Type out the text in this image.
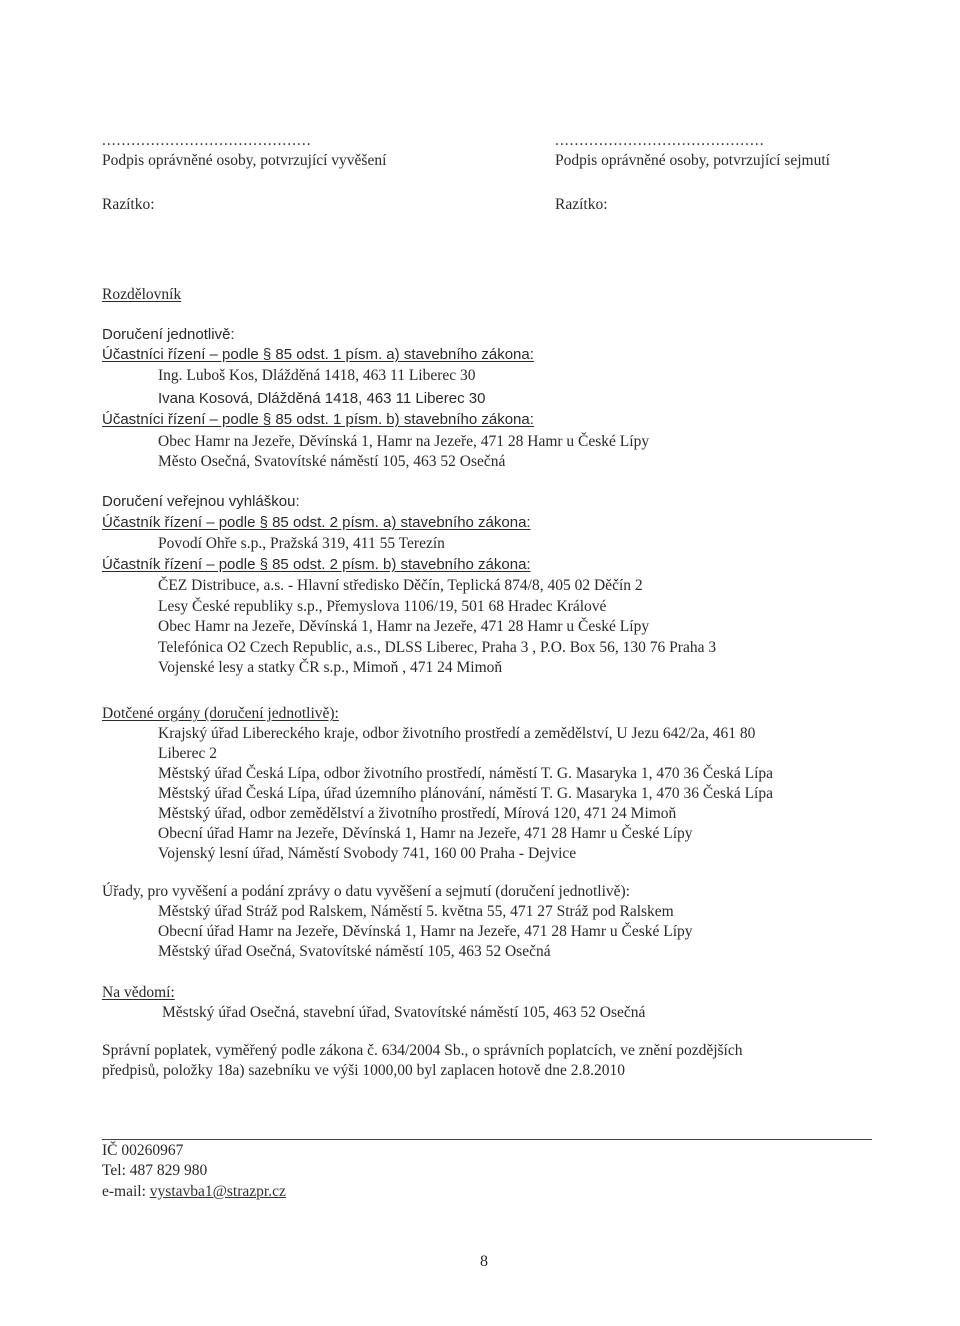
...........................................
Podpis oprávněné osoby, potvrzující vyvěšení
Razítko:
...........................................
Podpis oprávněné osoby, potvrzující sejmutí
Razítko:
Rozdělovník
Doručení jednotlivě:
Účastníci řízení – podle § 85 odst. 1 písm. a) stavebního zákona:
Ing. Luboš Kos, Dlážděná 1418, 463 11 Liberec 30
Ivana Kosová, Dlážděná 1418, 463 11 Liberec 30
Účastníci řízení – podle § 85 odst. 1 písm. b) stavebního zákona:
Obec Hamr na Jezeře, Děvínská 1, Hamr na Jezeře, 471 28 Hamr u České Lípy
Město Osečná, Svatovítské náměstí 105, 463 52 Osečná
Doručení veřejnou vyhláškou:
Účastník řízení – podle § 85 odst. 2 písm. a) stavebního zákona:
Povodí Ohře s.p., Pražská 319, 411 55 Terezín
Účastník řízení – podle § 85 odst. 2 písm. b) stavebního zákona:
ČEZ Distribuce, a.s. - Hlavní středisko Děčín, Teplická 874/8, 405 02 Děčín 2
Lesy České republiky s.p., Přemyslova 1106/19, 501 68 Hradec Králové
Obec Hamr na Jezeře, Děvínská 1, Hamr na Jezeře, 471 28 Hamr u České Lípy
Telefónica O2 Czech Republic, a.s., DLSS Liberec, Praha 3 , P.O. Box 56, 130 76 Praha 3
Vojenské lesy a statky ČR s.p., Mimoň , 471 24 Mimoň
Dotčené orgány (doručení jednotlivě):
Krajský úřad Libereckého kraje, odbor životního prostředí a zemědělství, U Jezu 642/2a, 461 80
Liberec 2
Městský úřad Česká Lípa, odbor životního prostředí, náměstí T. G. Masaryka 1, 470 36 Česká Lípa
Městský úřad Česká Lípa, úřad územního plánování, náměstí T. G. Masaryka 1, 470 36 Česká Lípa
Městský úřad, odbor zemědělství a životního prostředí, Mírová 120, 471 24 Mimoň
Obecní úřad Hamr na Jezeře, Děvínská 1, Hamr na Jezeře, 471 28 Hamr u České Lípy
Vojenský lesní úřad, Náměstí Svobody 741, 160 00 Praha - Dejvice
Úřady, pro vyvěšení a podání zprávy o datu vyvěšení a sejmutí (doručení jednotlivě):
Městský úřad Stráž pod Ralskem, Náměstí 5. května 55, 471 27 Stráž pod Ralskem
Obecní úřad Hamr na Jezeře, Děvínská 1, Hamr na Jezeře, 471 28 Hamr u České Lípy
Městský úřad Osečná, Svatovítské náměstí 105, 463 52 Osečná
Na vědomí:
Městský úřad Osečná, stavební úřad, Svatovítské náměstí 105, 463 52 Osečná
Správní poplatek, vyměřený podle zákona č. 634/2004 Sb., o správních poplatcích, ve znění pozdějších
předpisů, položky 18a) sazebníku ve výši 1000,00 byl zaplacen hotově dne 2.8.2010
IČ 00260967
Tel: 487 829 980
e-mail: vystavba1@strazpr.cz
8
